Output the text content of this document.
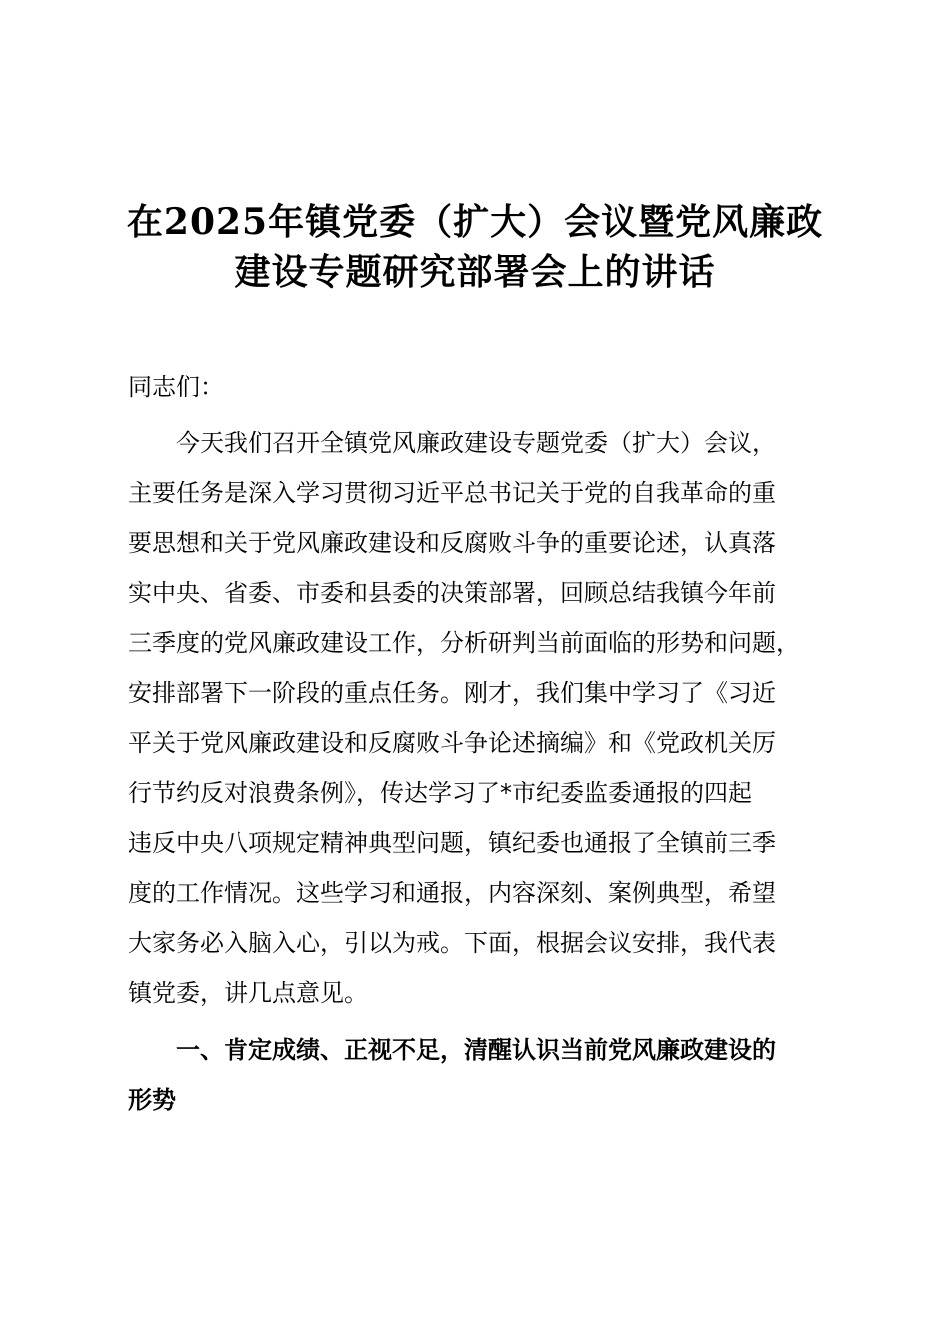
在2025年镇党委（扩大）会议暨党风廉政
建设专题研究部署会上的讲话
同志们：
　　今天我们召开全镇党风廉政建设专题党委（扩大）会议，
主要任务是深入学习贯彻习近平总书记关于党的自我革命的重
要思想和关于党风廉政建设和反腐败斗争的重要论述，认真落
实中央、省委、市委和县委的决策部署，回顾总结我镇今年前
三季度的党风廉政建设工作，分析研判当前面临的形势和问题，
安排部署下一阶段的重点任务。刚才，我们集中学习了《习近
平关于党风廉政建设和反腐败斗争论述摘编》和《党政机关厉
行节约反对浪费条例》，传达学习了*市纪委监委通报的四起
违反中央八项规定精神典型问题，镇纪委也通报了全镇前三季
度的工作情况。这些学习和通报，内容深刻、案例典型，希望
大家务必入脑入心，引以为戒。下面，根据会议安排，我代表
镇党委，讲几点意见。
　　一、肯定成绩、正视不足，清醒认识当前党风廉政建设的
形势
